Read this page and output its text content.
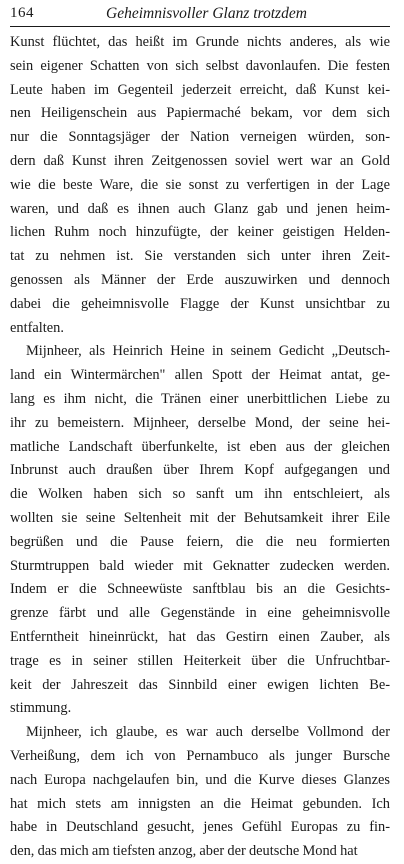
164	Geheimnisvoller Glanz trotzdem
Kunst flüchtet, das heißt im Grunde nichts anderes, als wie
sein eigener Schatten von sich selbst davonlaufen. Die festen
Leute haben im Gegenteil jederzeit erreicht, daß Kunst kei-
nen Heiligenschein aus Papiermaché bekam, vor dem sich
nur die Sonntagsjäger der Nation verneigen würden, son-
dern daß Kunst ihren Zeitgenossen soviel wert war an Gold
wie die beste Ware, die sie sonst zu verfertigen in der Lage
waren, und daß es ihnen auch Glanz gab und jenen heim-
lichen Ruhm noch hinzufügte, der keiner geistigen Helden-
tat zu nehmen ist. Sie verstanden sich unter ihren Zeit-
genossen als Männer der Erde auszuwirken und dennoch
dabei die geheimnisvolle Flagge der Kunst unsichtbar zu
entfalten.
Mijnheer, als Heinrich Heine in seinem Gedicht „Deutsch-
land ein Wintermärchen" allen Spott der Heimat antat, ge-
lang es ihm nicht, die Tränen einer unerbittlichen Liebe zu
ihr zu bemeistern. Mijnheer, derselbe Mond, der seine hei-
matliche Landschaft überfunkelte, ist eben aus der gleichen
Inbrunst auch draußen über Ihrem Kopf aufgegangen und
die Wolken haben sich so sanft um ihn entschleiert, als
wollten sie seine Seltenheit mit der Behutsamkeit ihrer Eile
begrüßen und die Pause feiern, die die neu formierten
Sturmtruppen bald wieder mit Geknatter zudecken werden.
Indem er die Schneewüste sanftblau bis an die Gesichts-
grenze färbt und alle Gegenstände in eine geheimnisvolle
Entferntheit hineinrückt, hat das Gestirn einen Zauber, als
trage es in seiner stillen Heiterkeit über die Unfruchtbar-
keit der Jahreszeit das Sinnbild einer ewigen lichten Be-
stimmung.
Mijnheer, ich glaube, es war auch derselbe Vollmond der
Verheißung, dem ich von Pernambuco als junger Bursche
nach Europa nachgelaufen bin, und die Kurve dieses Glanzes
hat mich stets am innigsten an die Heimat gebunden. Ich
habe in Deutschland gesucht, jenes Gefühl Europas zu fin-
den, das mich am tiefsten anzog, aber der deutsche Mond hat
